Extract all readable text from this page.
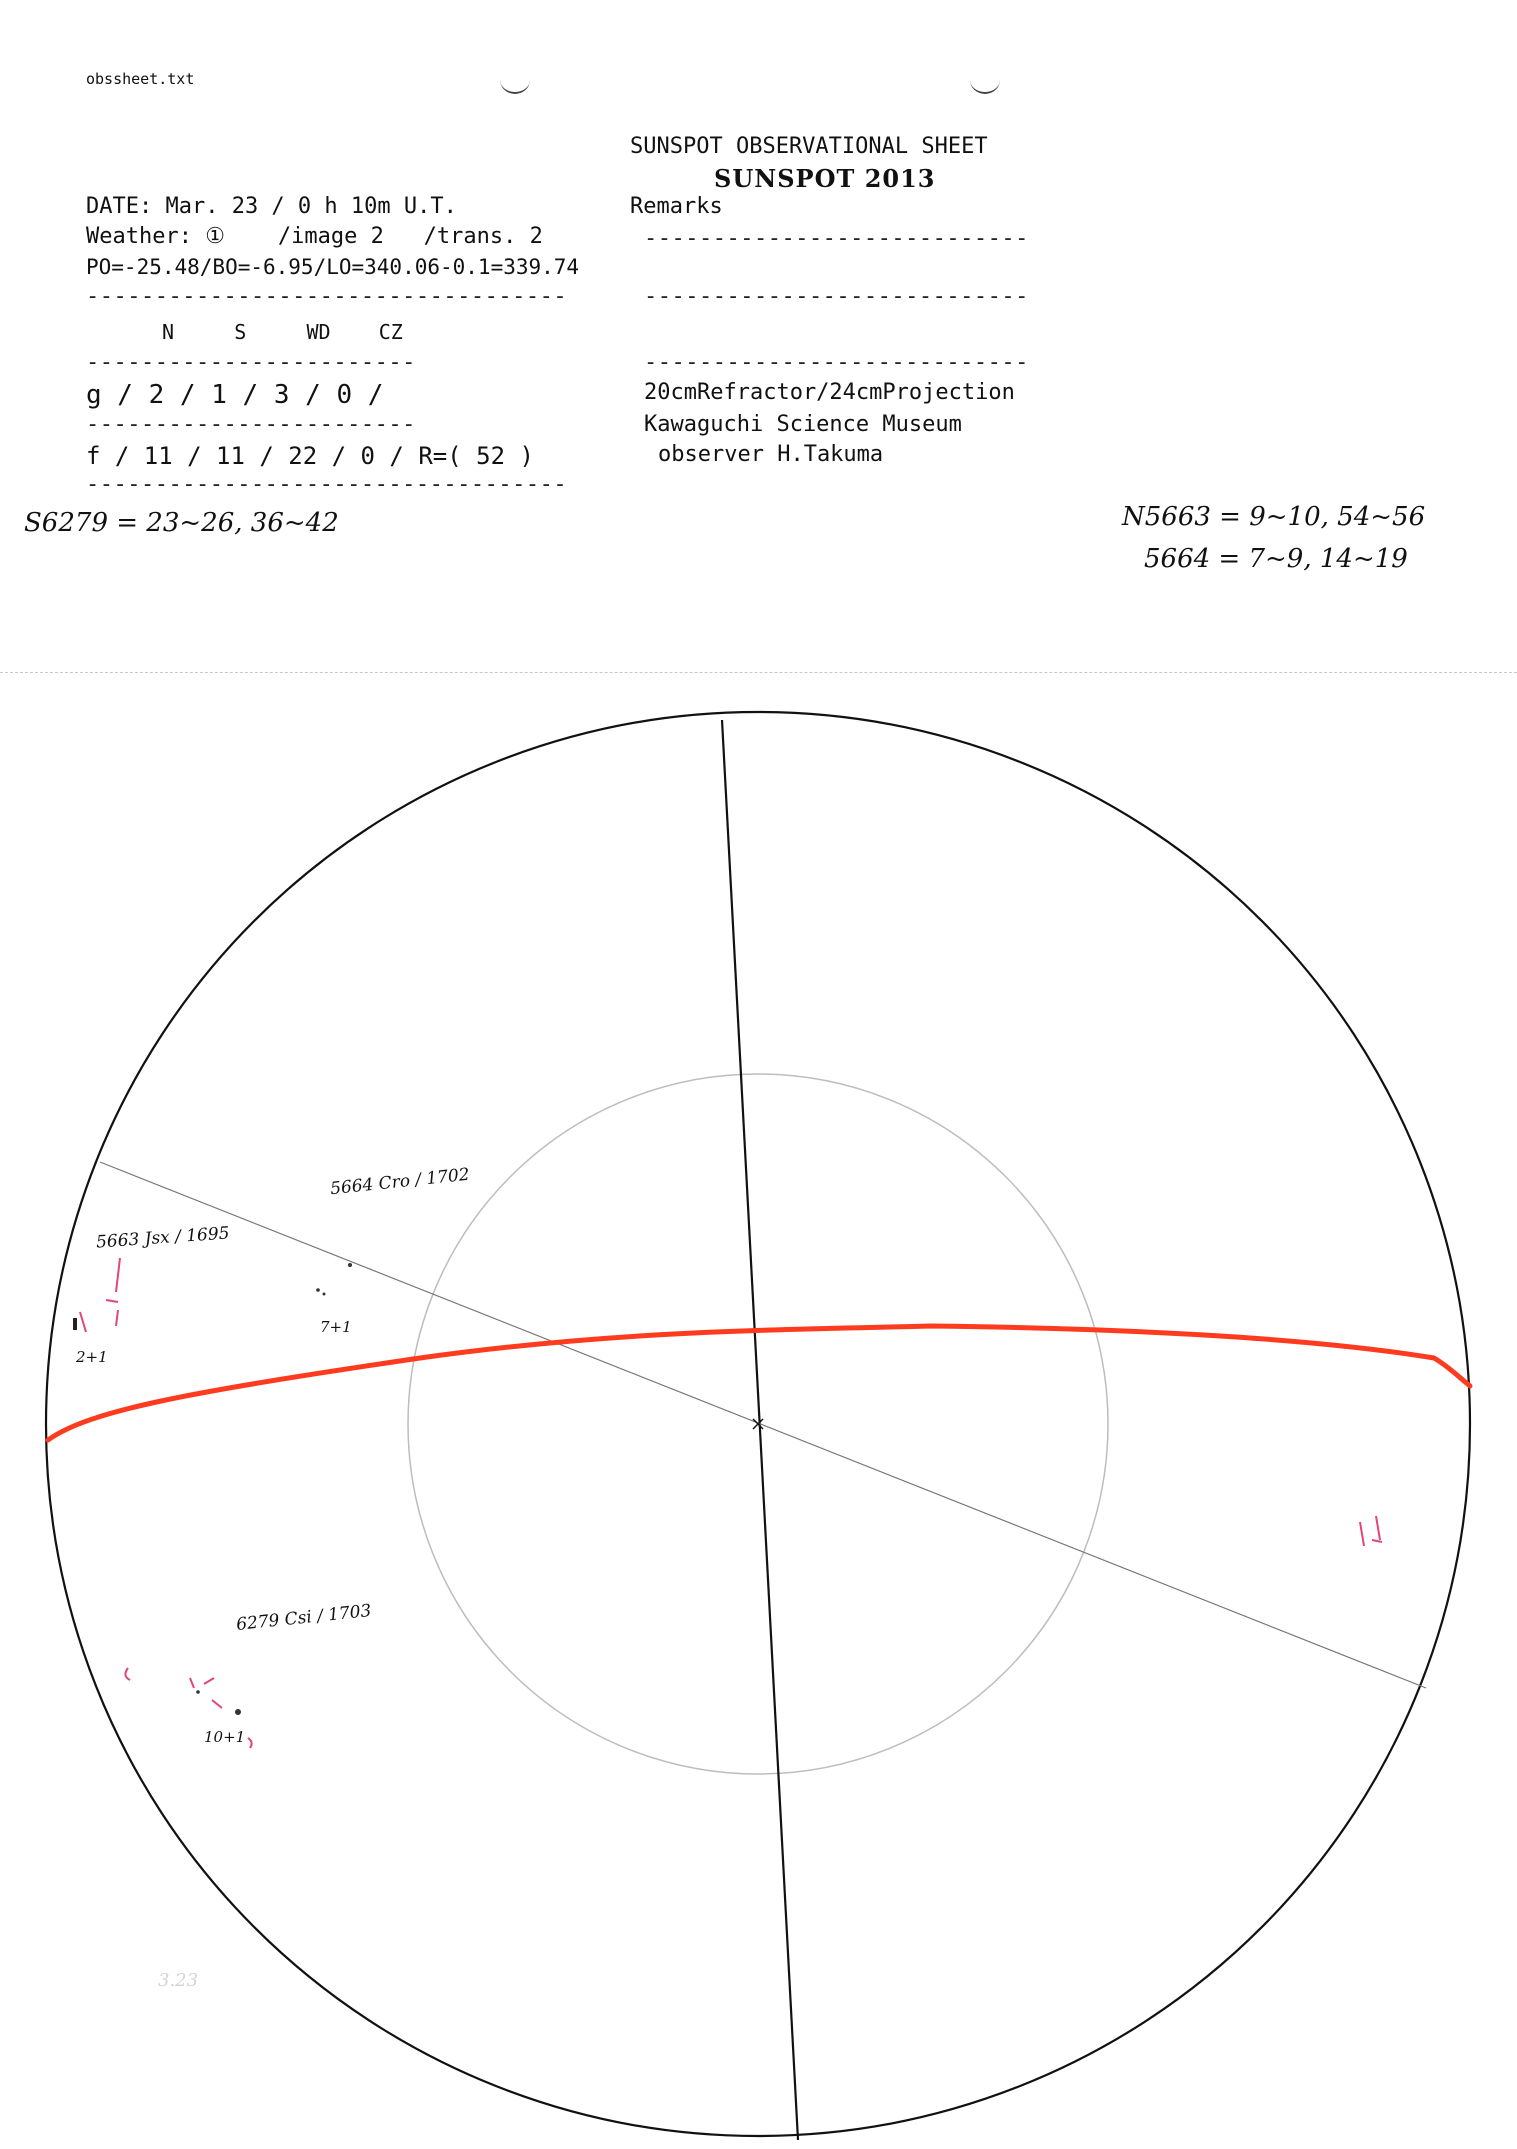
obssheet.txt
SUNSPOT OBSERVATIONAL SHEET
SUNSPOT 2013
Remarks
DATE: Mar. 23 / 0 h 10m U.T.
Weather: ①    /image 2   /trans. 2
PO=-25.48/BO=-6.95/LO=340.06-0.1=339.74
-----------------------------------
N     S     WD    CZ
------------------------
g / 2 / 1 / 3 / 0 /
------------------------
f / 11 / 11 / 22 / 0 / R=( 52 )
-----------------------------------
----------------------------
----------------------------
----------------------------
20cmRefractor/24cmProjection
Kawaguchi Science Museum
observer H.Takuma
S6279 = 23~26, 36~42	N5663 = 9~10, 54~56
5664 = 7~9, 14~19
5664 Cro / 1702
5663 Jsx / 1695
7+1
2+1
6279 Csi / 1703
10+1
3.23
